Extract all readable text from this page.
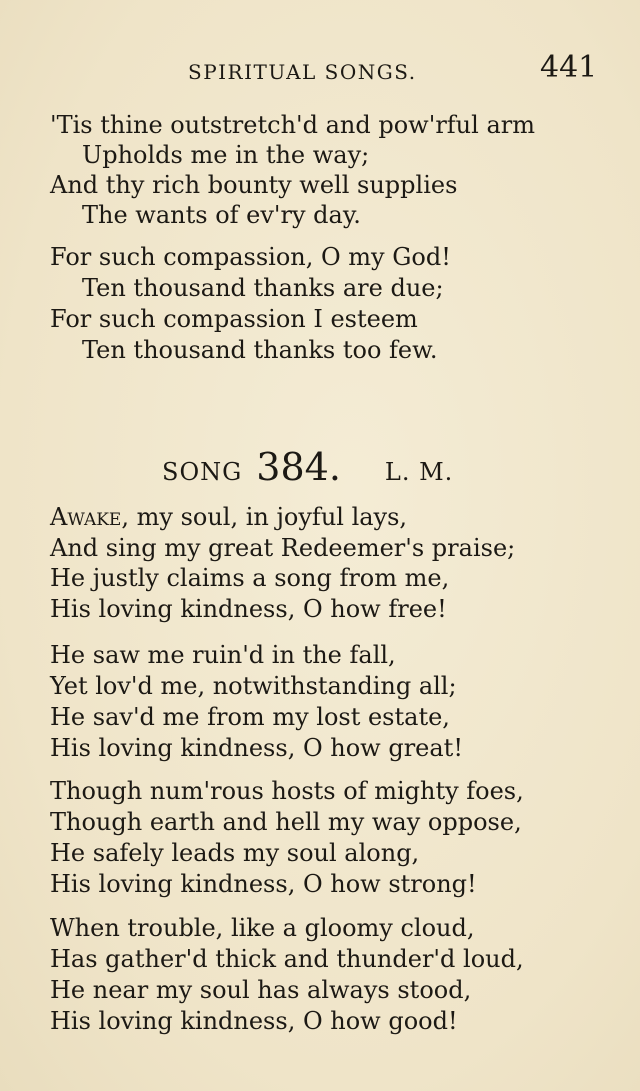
SPIRITUAL SONGS.	441
'Tis thine outstretch'd and pow'rful arm
Upholds me in the way;
And thy rich bounty well supplies
The wants of ev'ry day.
For such compassion, O my God!
Ten thousand thanks are due;
For such compassion I esteem
Ten thousand thanks too few.
SONG 384. L. M.
Awake, my soul, in joyful lays,
And sing my great Redeemer's praise;
He justly claims a song from me,
His loving kindness, O how free!
He saw me ruin'd in the fall,
Yet lov'd me, notwithstanding all;
He sav'd me from my lost estate,
His loving kindness, O how great!
Though num'rous hosts of mighty foes,
Though earth and hell my way oppose,
He safely leads my soul along,
His loving kindness, O how strong!
When trouble, like a gloomy cloud,
Has gather'd thick and thunder'd loud,
He near my soul has always stood,
His loving kindness, O how good!
